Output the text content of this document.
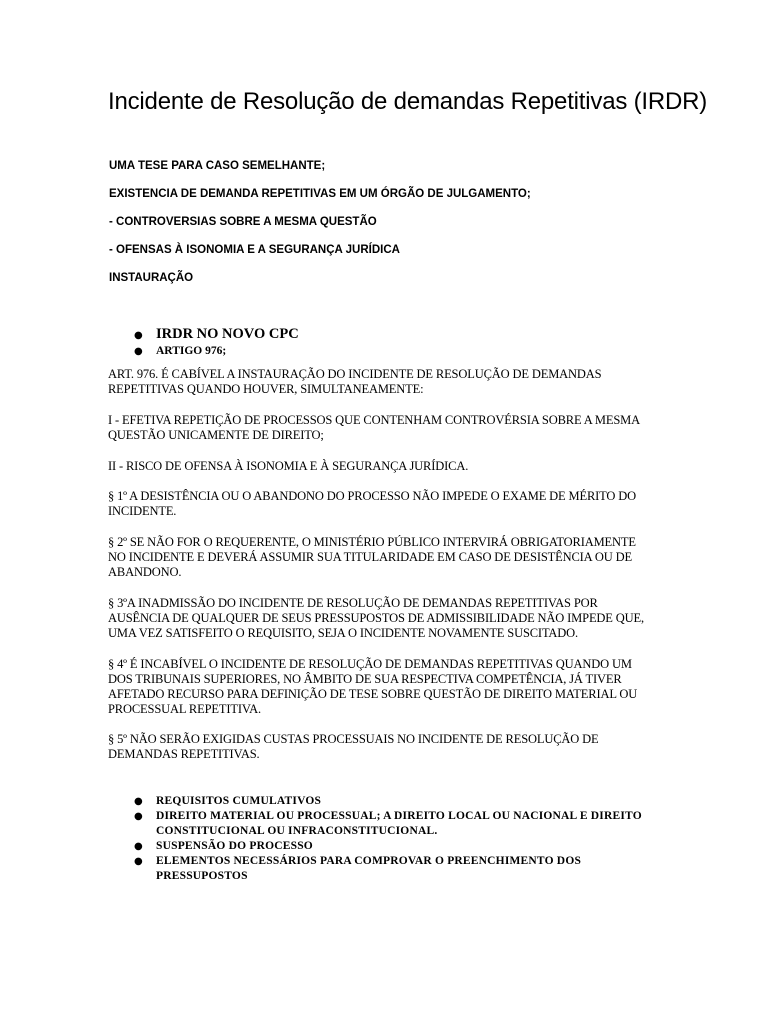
Incidente de Resolução de demandas Repetitivas (IRDR)

UMA TESE PARA CASO SEMELHANTE;

EXISTENCIA DE DEMANDA REPETITIVAS EM UM ÓRGÃO DE JULGAMENTO;

- CONTROVERSIAS SOBRE A MESMA QUESTÃO

- OFENSAS À ISONOMIA E A SEGURANÇA JURÍDICA

INSTAURAÇÃO

● IRDR NO NOVO CPC
● ARTIGO 976;

ART. 976. É CABÍVEL A INSTAURAÇÃO DO INCIDENTE DE RESOLUÇÃO DE DEMANDAS REPETITIVAS QUANDO HOUVER, SIMULTANEAMENTE:

I - EFETIVA REPETIÇÃO DE PROCESSOS QUE CONTENHAM CONTROVÉRSIA SOBRE A MESMA QUESTÃO UNICAMENTE DE DIREITO;

II - RISCO DE OFENSA À ISONOMIA E À SEGURANÇA JURÍDICA.

§ 1º A DESISTÊNCIA OU O ABANDONO DO PROCESSO NÃO IMPEDE O EXAME DE MÉRITO DO INCIDENTE.

§ 2º SE NÃO FOR O REQUERENTE, O MINISTÉRIO PÚBLICO INTERVIRÁ OBRIGATORIAMENTE NO INCIDENTE E DEVERÁ ASSUMIR SUA TITULARIDADE EM CASO DE DESISTÊNCIA OU DE ABANDONO.

§ 3ºA INADMISSÃO DO INCIDENTE DE RESOLUÇÃO DE DEMANDAS REPETITIVAS POR AUSÊNCIA DE QUALQUER DE SEUS PRESSUPOSTOS DE ADMISSIBILIDADE NÃO IMPEDE QUE, UMA VEZ SATISFEITO O REQUISITO, SEJA O INCIDENTE NOVAMENTE SUSCITADO.

§ 4º É INCABÍVEL O INCIDENTE DE RESOLUÇÃO DE DEMANDAS REPETITIVAS QUANDO UM DOS TRIBUNAIS SUPERIORES, NO ÂMBITO DE SUA RESPECTIVA COMPETÊNCIA, JÁ TIVER AFETADO RECURSO PARA DEFINIÇÃO DE TESE SOBRE QUESTÃO DE DIREITO MATERIAL OU PROCESSUAL REPETITIVA.

§ 5º NÃO SERÃO EXIGIDAS CUSTAS PROCESSUAIS NO INCIDENTE DE RESOLUÇÃO DE DEMANDAS REPETITIVAS.

● REQUISITOS CUMULATIVOS
● DIREITO MATERIAL OU PROCESSUAL; A DIREITO LOCAL OU NACIONAL E DIREITO CONSTITUCIONAL OU INFRACONSTITUCIONAL.
● SUSPENSÃO DO PROCESSO
● ELEMENTOS NECESSÁRIOS PARA COMPROVAR O PREENCHIMENTO DOS PRESSUPOSTOS
